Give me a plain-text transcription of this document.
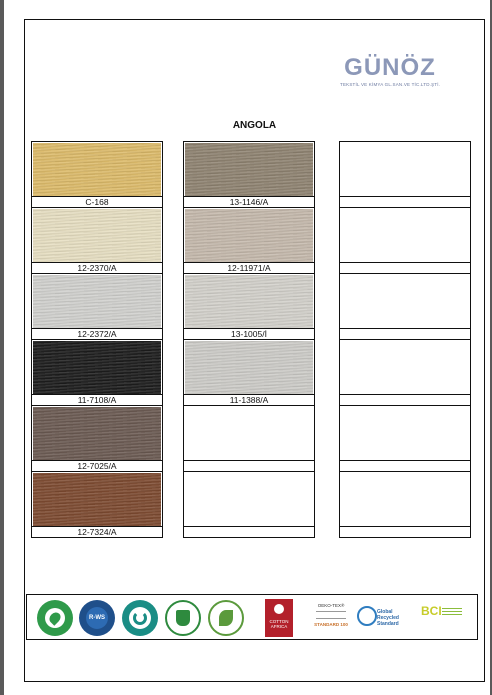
GÜNÖZ
TEKSTİL VE KİMYA GL.SAN.VE TİC.LTD.ŞTİ.
ANGOLA
C-168
12-2370/A
12-2372/A
11-7108/A
12-7025/A
12-7324/A
13-1146/A
12-11971/A
13-1005/İ
11-1388/A
R-WS
COTTON
AFRICA
OEKO-TEX®
STANDARD 100
Global Recycled Standard
BCI
